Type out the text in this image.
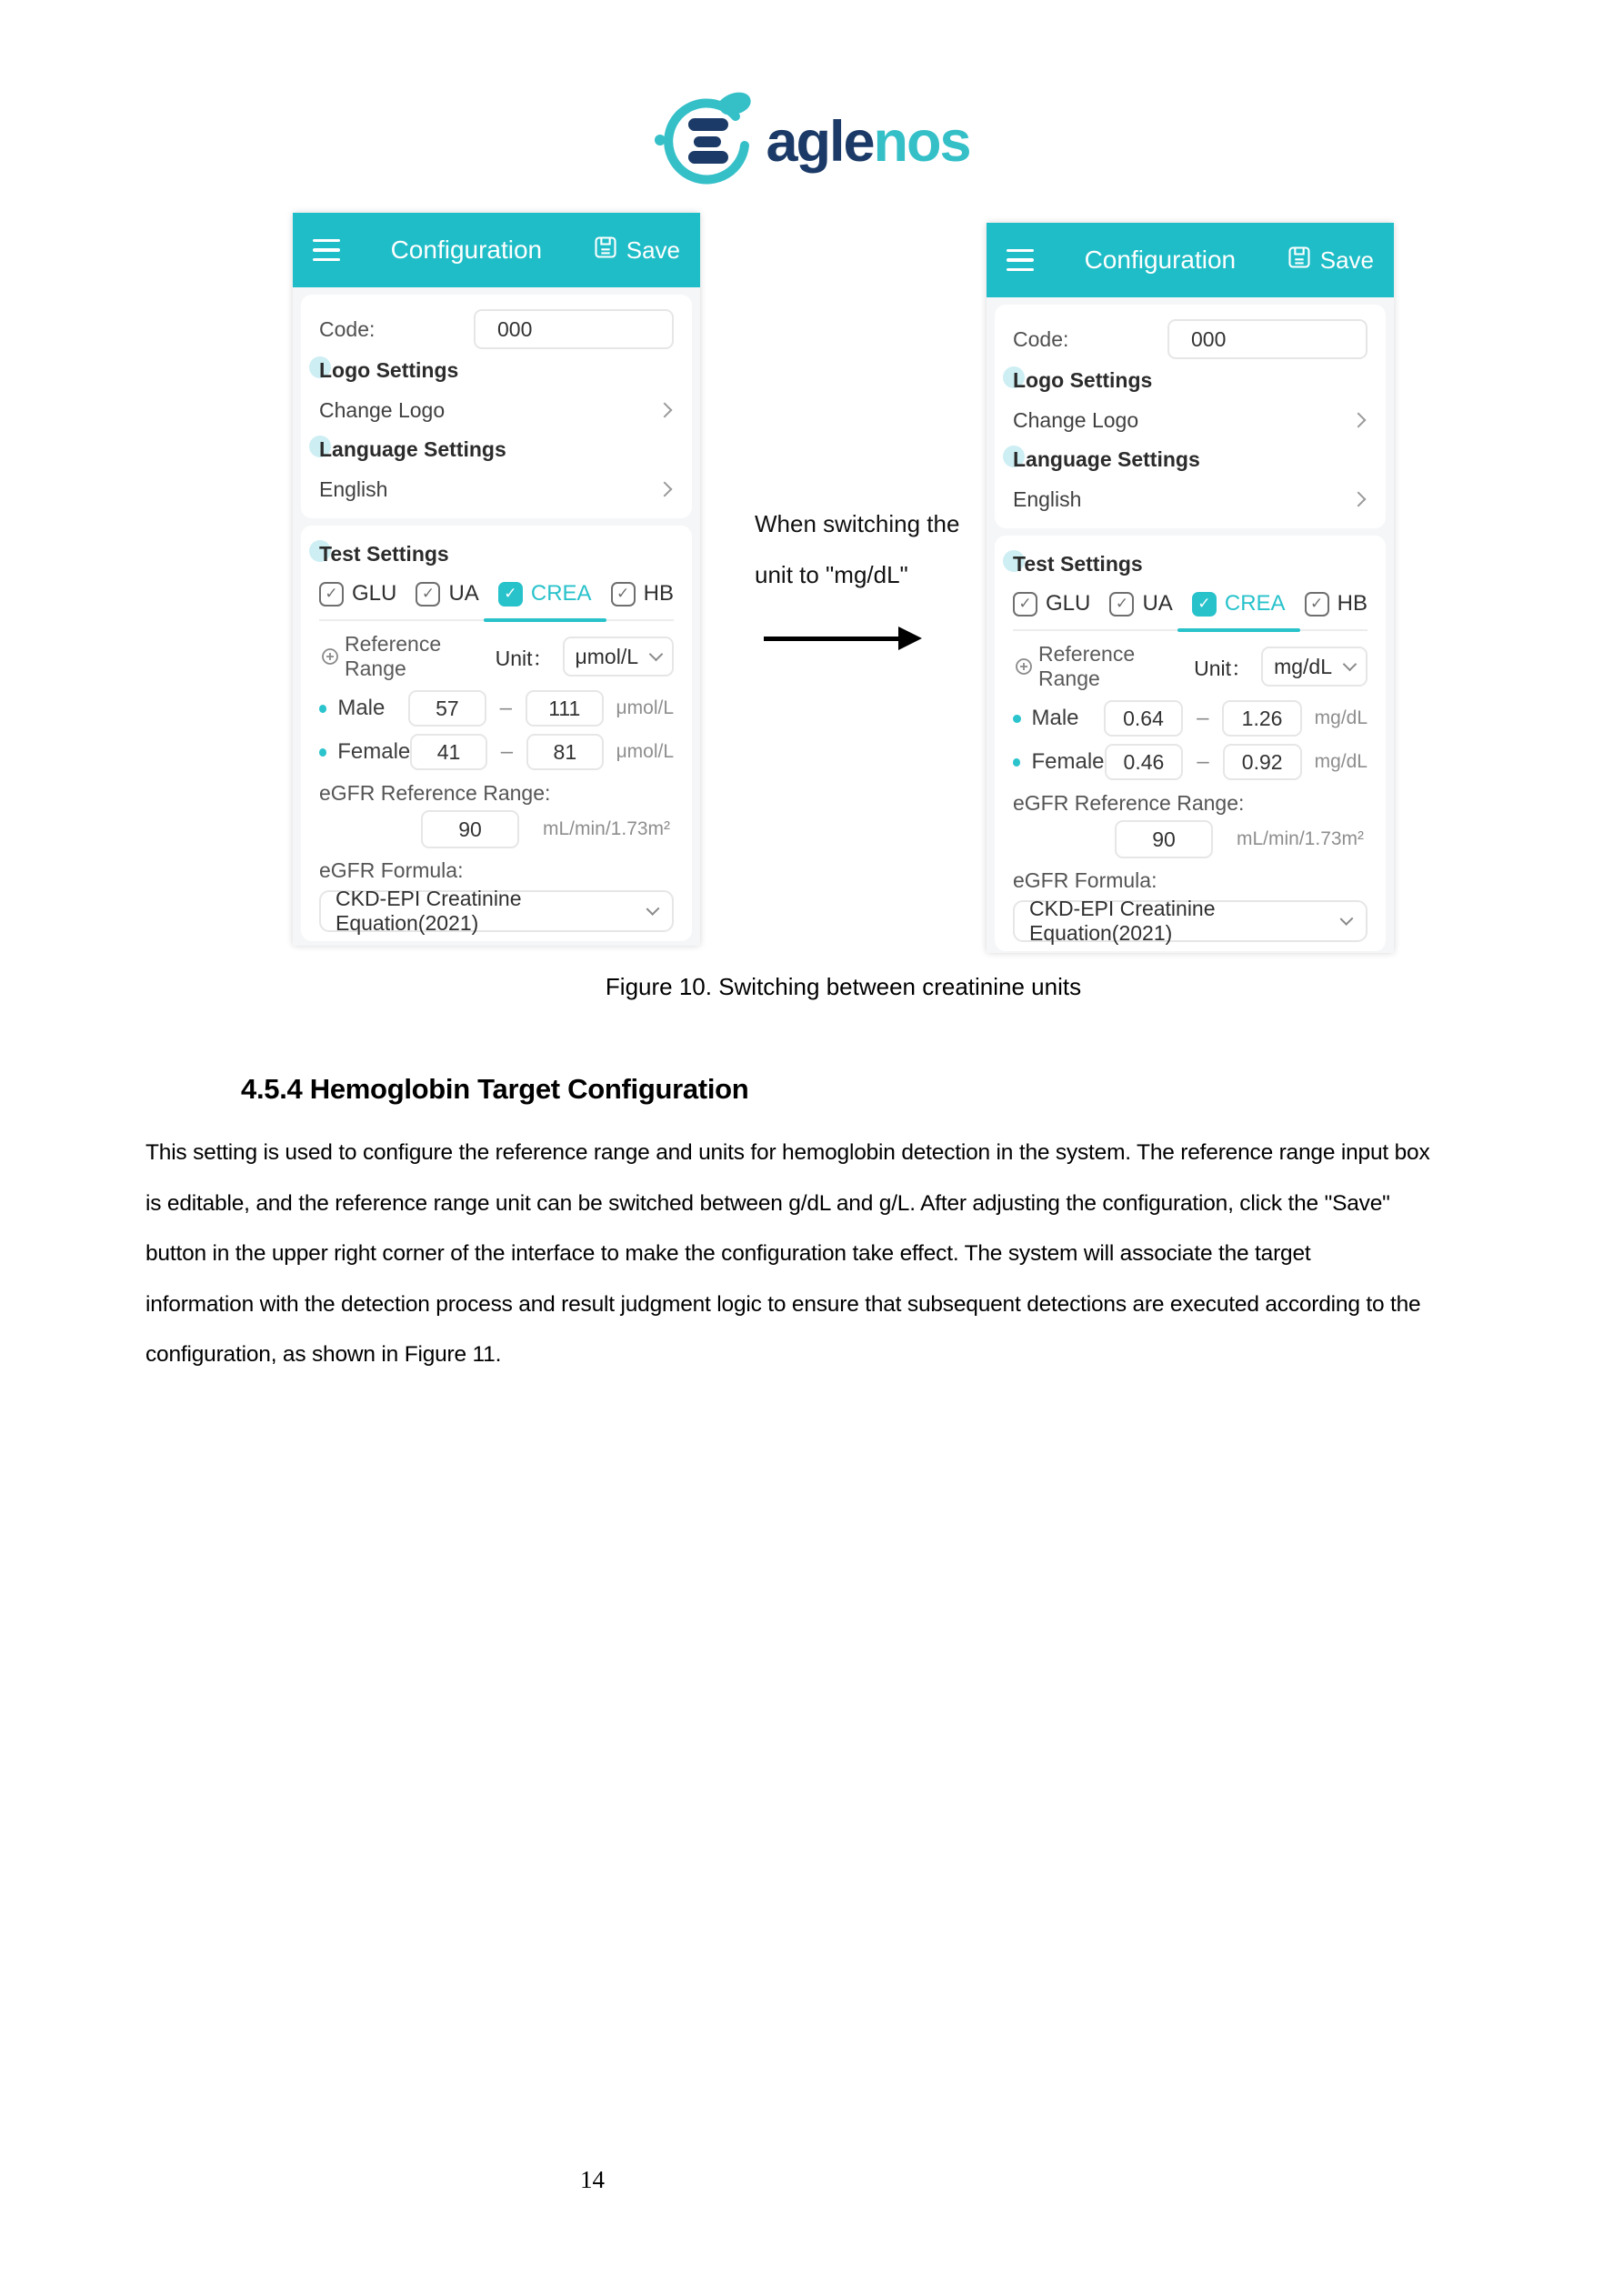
aglenos
Configuration	Save
Code:	000
Logo Settings
Change Logo
Language Settings
English
Test Settings
✓ GLU	✓ UA	✓ CREA	✓ HB
Reference Range	Unit： μmol/L
Male	57	–	111	μmol/L
Female	41	–	81	μmol/L
eGFR Reference Range:
90	mL/min/1.73m²
eGFR Formula:
CKD-EPI Creatinine Equation(2021)
When switching the
unit to "mg/dL"
Configuration	Save
Code:	000
Logo Settings
Change Logo
Language Settings
English
Test Settings
✓ GLU	✓ UA	✓ CREA	✓ HB
Reference Range	Unit： mg/dL
Male	0.64	–	1.26	mg/dL
Female 0.46	–	0.92	mg/dL
eGFR Reference Range:
90	mL/min/1.73m²
eGFR Formula:
CKD-EPI Creatinine Equation(2021)
Figure 10. Switching between creatinine units
4.5.4 Hemoglobin Target Configuration
This setting is used to configure the reference range and units for hemoglobin detection in the system. The reference range input box
is editable, and the reference range unit can be switched between g/dL and g/L. After adjusting the configuration, click the "Save"
button in the upper right corner of the interface to make the configuration take effect. The system will associate the target
information with the detection process and result judgment logic to ensure that subsequent detections are executed according to the
configuration, as shown in Figure 11.
14
